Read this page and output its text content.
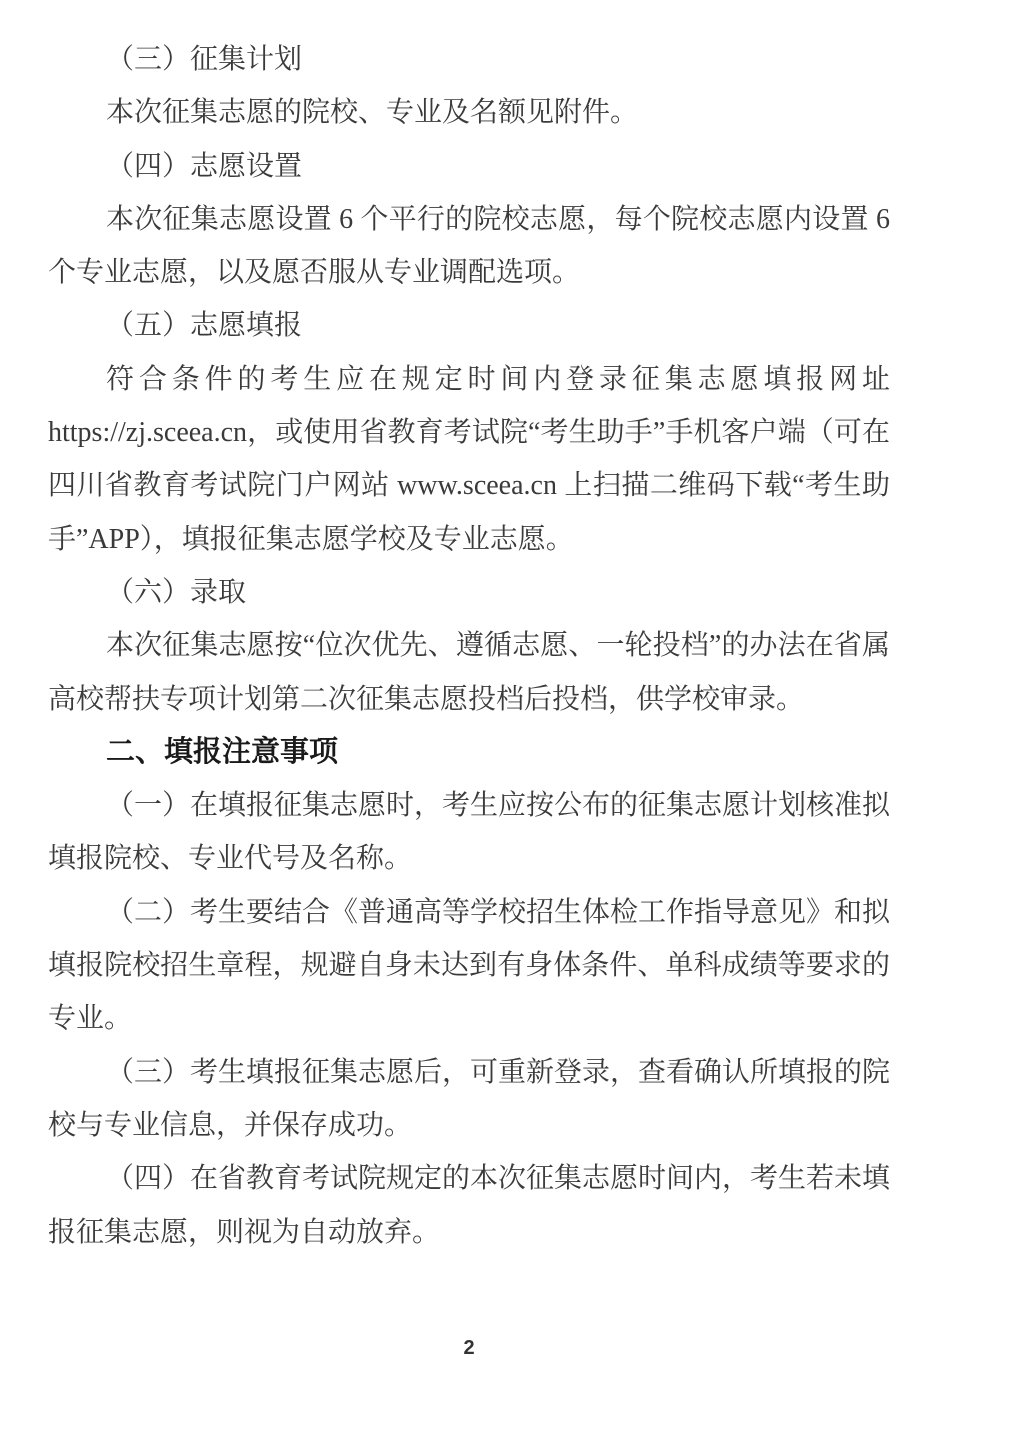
（三）征集计划
本次征集志愿的院校、专业及名额见附件。
（四）志愿设置
本次征集志愿设置 6 个平行的院校志愿，每个院校志愿内设置 6
个专业志愿，以及愿否服从专业调配选项。
（五）志愿填报
符合条件的考生应在规定时间内登录征集志愿填报网址
https://zj.sceea.cn，或使用省教育考试院“考生助手”手机客户端（可在
四川省教育考试院门户网站 www.sceea.cn 上扫描二维码下载“考生助
手”APP），填报征集志愿学校及专业志愿。
（六）录取
本次征集志愿按“位次优先、遵循志愿、一轮投档”的办法在省属
高校帮扶专项计划第二次征集志愿投档后投档，供学校审录。
二、填报注意事项
（一）在填报征集志愿时，考生应按公布的征集志愿计划核准拟
填报院校、专业代号及名称。
（二）考生要结合《普通高等学校招生体检工作指导意见》和拟
填报院校招生章程，规避自身未达到有身体条件、单科成绩等要求的
专业。
（三）考生填报征集志愿后，可重新登录，查看确认所填报的院
校与专业信息，并保存成功。
（四）在省教育考试院规定的本次征集志愿时间内，考生若未填
报征集志愿，则视为自动放弃。
2
